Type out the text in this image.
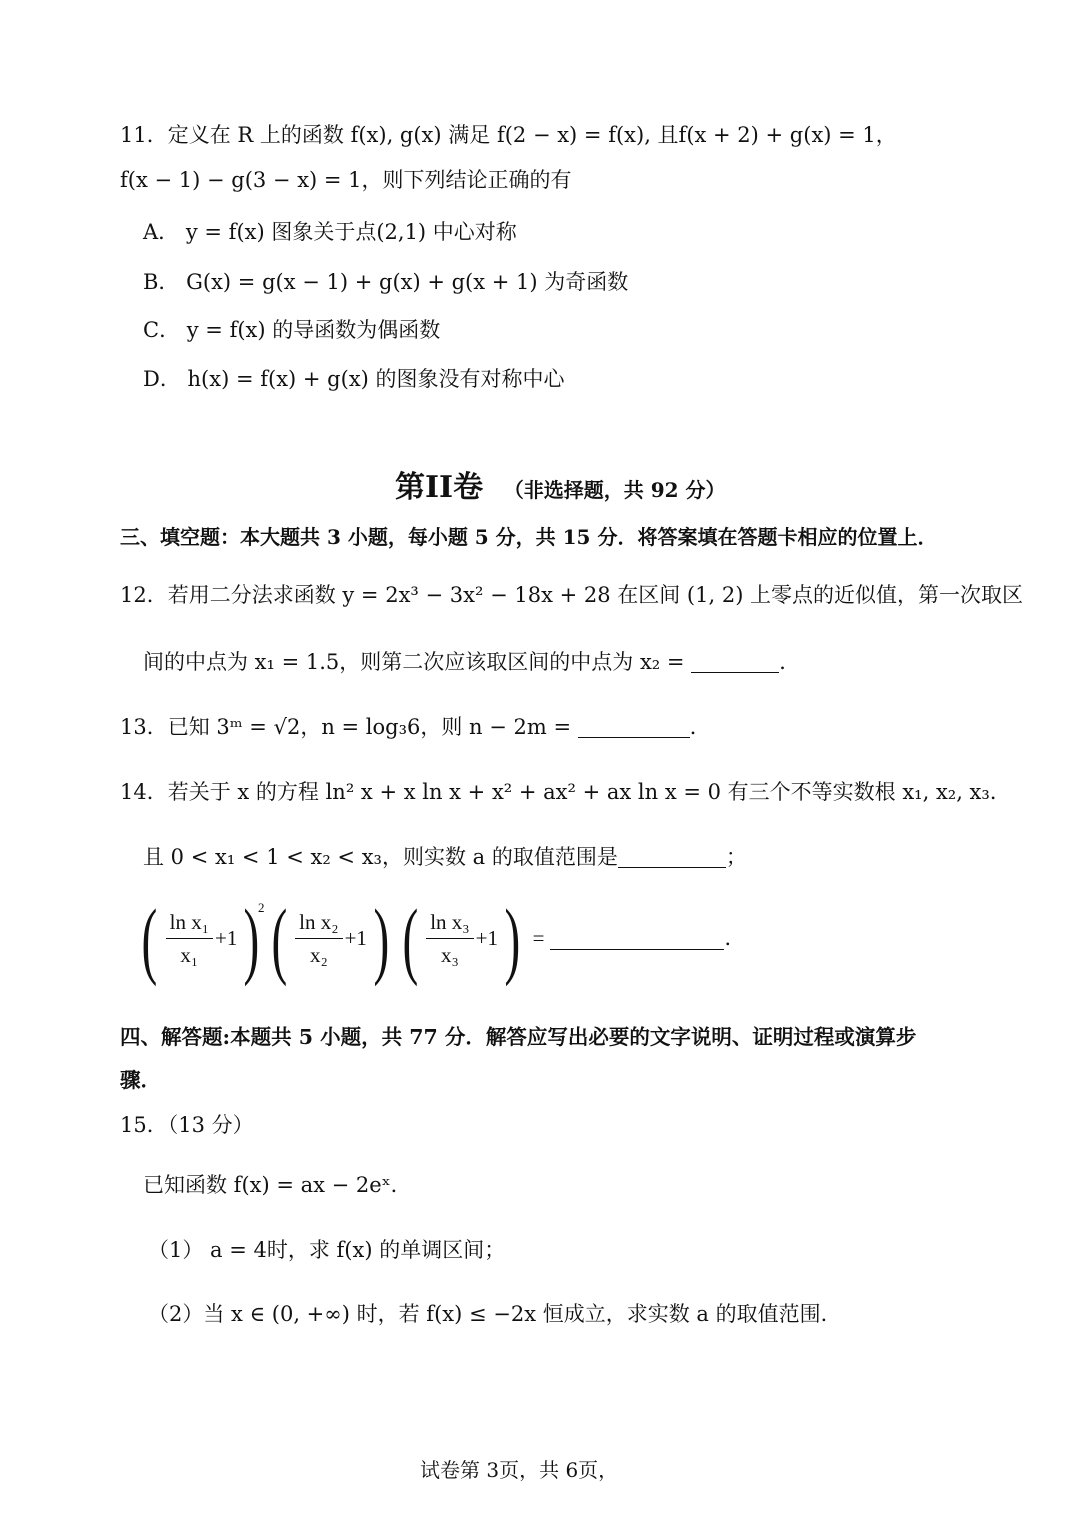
11．定义在 R 上的函数 f(x), g(x) 满足 f(2 − x) = f(x), 且f(x + 2) + g(x) = 1，
f(x − 1) − g(3 − x) = 1，则下列结论正确的有
A． y = f(x) 图象关于点(2,1) 中心对称
B． G(x) = g(x − 1) + g(x) + g(x + 1) 为奇函数
C． y = f(x) 的导函数为偶函数
D． h(x) = f(x) + g(x) 的图象没有对称中心
第II卷 （非选择题，共 92 分）
三、填空题：本大题共 3 小题，每小题 5 分，共 15 分．将答案填在答题卡相应的位置上．
12．若用二分法求函数 y = 2x³ − 3x² − 18x + 28 在区间 (1, 2) 上零点的近似值，第一次取区
间的中点为 x₁ = 1.5，则第二次应该取区间的中点为 x₂ =	．
13．已知 3ᵐ = √2，n = log₃6，则 n − 2m =	．
14．若关于 x 的方程 ln² x + x ln x + x² + ax² + ax ln x = 0 有三个不等实数根 x₁, x₂, x₃．
且 0 < x₁ < 1 < x₂ < x₃，则实数 a 的取值范围是	；
( $\frac{\text{ln x₁}}{\text{x₁}} +1$ )
2 ( $\frac{\text{ln x₂}}{\text{x₂}} +1$ ) ( $\frac{\text{ln x₃}}{\text{x₃}} +1$ ) =	．
四、解答题:本题共 5 小题，共 77 分．解答应写出必要的文字说明、证明过程或演算步
骤．
15．（13 分）
已知函数 f(x) = ax − 2eˣ．
（1） a = 4时，求 f(x) 的单调区间；
（2）当 x ∈ (0, +∞) 时，若 f(x) ≤ −2x 恒成立，求实数 a 的取值范围．
试卷第 3页，共 6页，
